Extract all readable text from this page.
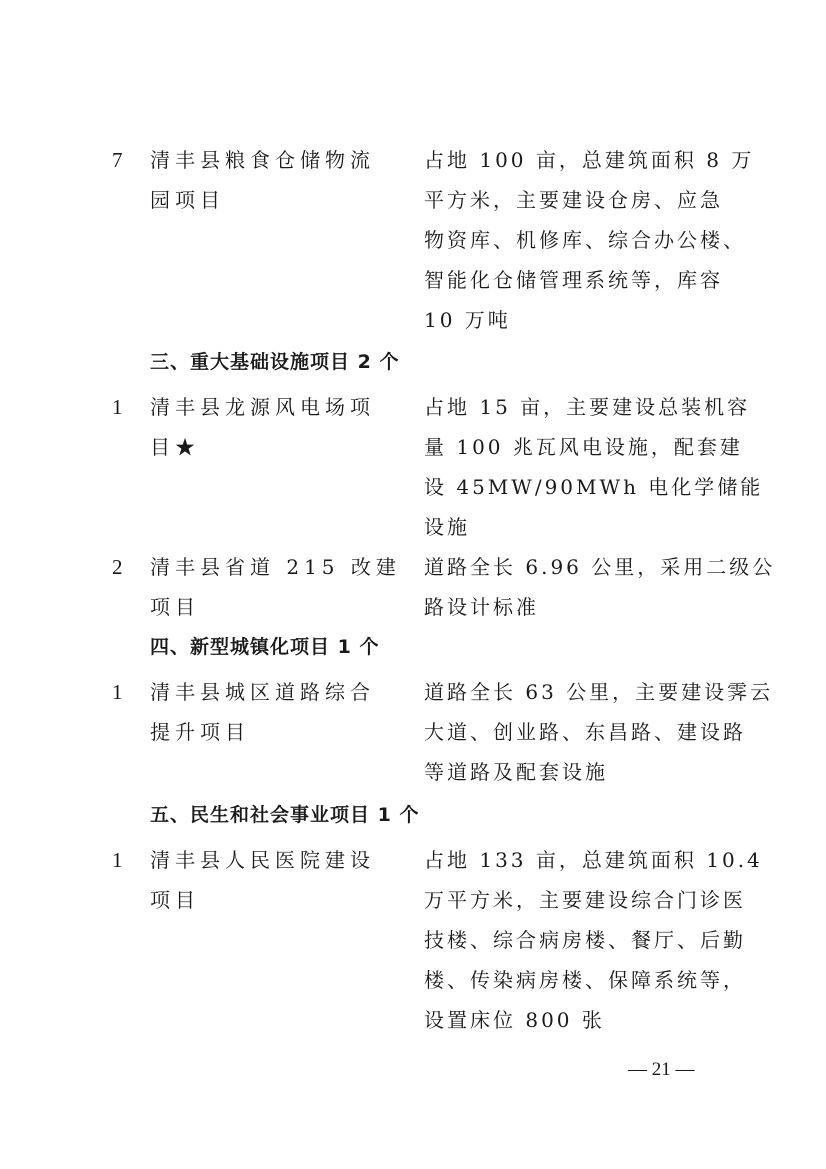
7 清丰县粮食仓储物流
园项目
占地 100 亩，总建筑面积 8 万
平方米，主要建设仓房、应急
物资库、机修库、综合办公楼、
智能化仓储管理系统等，库容
10 万吨
三、重大基础设施项目 2 个
1 清丰县龙源风电场项
目★
占地 15 亩，主要建设总装机容
量 100 兆瓦风电设施，配套建
设 45MW/90MWh 电化学储能
设施
2 清丰县省道 215 改建
项目
道路全长 6.96 公里，采用二级公
路设计标准
四、新型城镇化项目 1 个
1 清丰县城区道路综合
提升项目
道路全长 63 公里，主要建设霁云
大道、创业路、东昌路、建设路
等道路及配套设施
五、民生和社会事业项目 1 个
1 清丰县人民医院建设
项目
占地 133 亩，总建筑面积 10.4
万平方米，主要建设综合门诊医
技楼、综合病房楼、餐厅、后勤
楼、传染病房楼、保障系统等，
设置床位 800 张
— 21 —
